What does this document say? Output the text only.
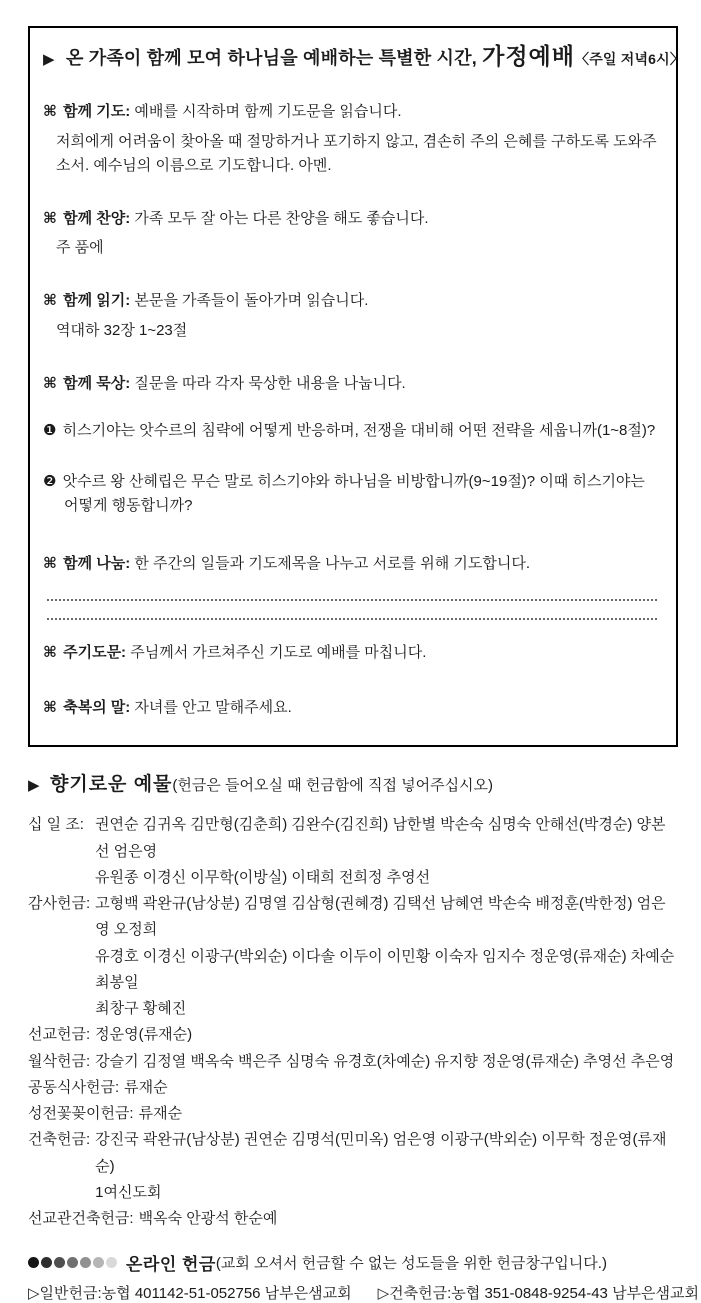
▶ 온 가족이 함께 모여 하나님을 예배하는 특별한 시간, 가정예배〈주일 저녁6시〉
⌘ 함께 기도: 예배를 시작하며 함께 기도문을 읽습니다.
저희에게 어려움이 찾아올 때 절망하거나 포기하지 않고, 겸손히 주의 은혜를 구하도록 도와주소서. 예수님의 이름으로 기도합니다. 아멘.
⌘ 함께 찬양: 가족 모두 잘 아는 다른 찬양을 해도 좋습니다.
주 품에
⌘ 함께 읽기: 본문을 가족들이 돌아가며 읽습니다.
역대하 32장 1~23절
⌘ 함께 묵상: 질문을 따라 각자 묵상한 내용을 나눕니다.
❶ 히스기야는 앗수르의 침략에 어떻게 반응하며, 전쟁을 대비해 어떤 전략을 세웁니까(1~8절)?
❷ 앗수르 왕 산헤립은 무슨 말로 히스기야와 하나님을 비방합니까(9~19절)? 이때 히스기야는 어떻게 행동합니까?
⌘ 함께 나눔: 한 주간의 일들과 기도제목을 나누고 서로를 위해 기도합니다.
⌘ 주기도문: 주님께서 가르쳐주신 기도로 예배를 마칩니다.
⌘ 축복의 말: 자녀를 안고 말해주세요.
▶ 향기로운 예물(헌금은 들어오실 때 헌금함에 직접 넣어주십시오)
십 일 조: 권연순 김귀옥 김만형(김춘희) 김완수(김진희) 남한별 박손숙 심명숙 안해선(박경순) 양본선 엄은영
유원종 이경신 이무학(이방실) 이태희 전희정 추영선
감사헌금: 고형백 곽완규(남상분) 김명열 김삼형(권혜경) 김택선 남혜연 박손숙 배정훈(박한정) 엄은영 오정희
유경호 이경신 이광구(박외순) 이다솔 이두이 이민황 이숙자 임지수 정운영(류재순) 차예순 최봉일
최창구 황혜진
선교헌금: 정운영(류재순)
월삭헌금: 강슬기 김정열 백옥숙 백은주 심명숙 유경호(차예순) 유지향 정운영(류재순) 추영선 추은영
공동식사헌금: 류재순
성전꽃꽂이헌금: 류재순
건축헌금: 강진국 곽완규(남상분) 권연순 김명석(민미옥) 엄은영 이광구(박외순) 이무학 정운영(류재순)
1여신도회
선교관건축헌금: 백옥숙 안광석 한순예
온라인 헌금 (교회 오셔서 헌금할 수 없는 성도들을 위한 헌금창구입니다.)
▷일반헌금:농협 401142-51-052756 남부은샘교회 ▷건축헌금:농협 351-0848-9254-43 남부은샘교회
